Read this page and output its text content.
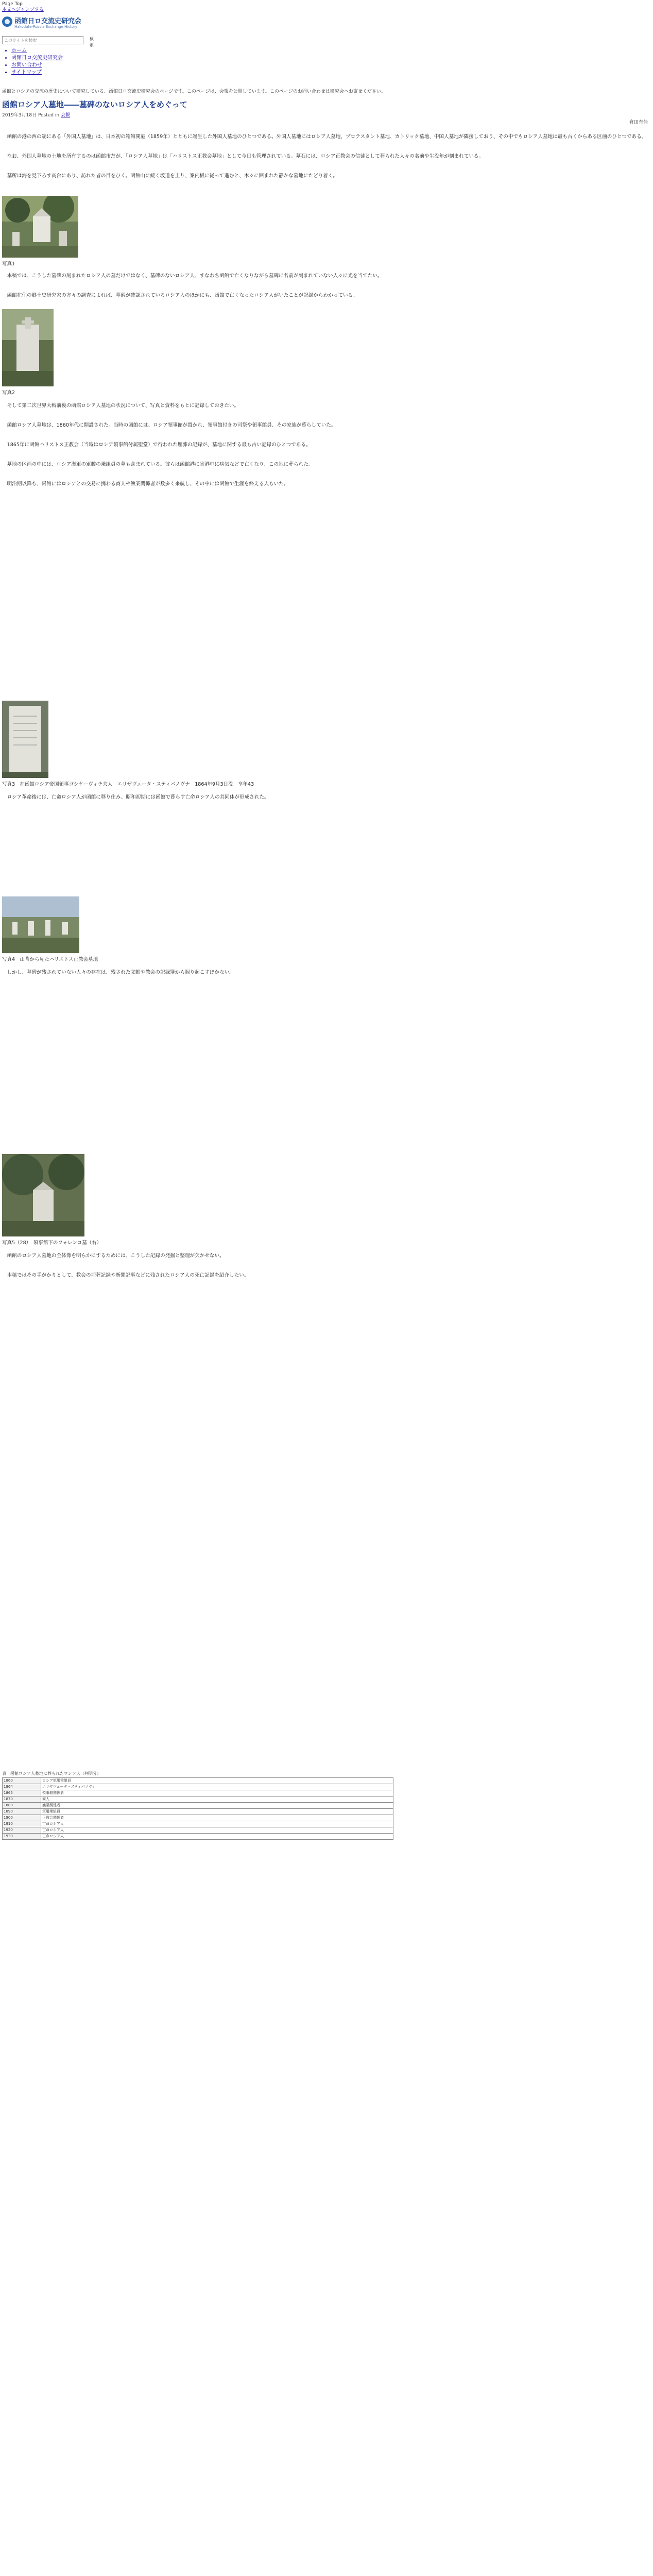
Page Top
本文へジャンプする
函館日ロ交流史研究会
Hakodate-Russia Exchange History
このサイトを検索
検索
• ホーム
• 函館日ロ交流史研究会
• お問い合わせ
• サイトマップ
函館とロシアの交流の歴史について研究している、函館日ロ交流史研究会のページです。このページは、会報を公開しています。このページのお問い合わせは研究会へお寄せください。
函館ロシア人墓地――墓碑のないロシア人をめぐって
2019年3月18日 Posted in 会報
倉田有佳

函館の港の西の端にある「外国人墓地」は、日本初の箱館開港（1859年）とともに誕生した外国人墓地のひとつである。外国人墓地にはロシア人墓地、プロテスタント墓地、カトリック墓地、中国人墓地が隣接しており、その中でもロシア人墓地は最も古くからある区画のひとつである。

なお、外国人墓地の土地を所有するのは函館市だが、「ロシア人墓地」は「ハリストス正教会墓地」として今日も管理されている。墓石には、ロシア正教会の信徒として葬られた人々の名前や生没年が刻まれている。

墓所は海を見下ろす高台にあり、訪れた者の目をひく。函館山に続く坂道を上り、案内板に従って進むと、木々に囲まれた静かな墓地にたどり着く。

写真1

本稿では、こうした墓碑の刻まれたロシア人の墓だけではなく、墓碑のないロシア人、すなわち函館で亡くなりながら墓碑に名前が刻まれていない人々に光を当てたい。

函館在住の郷土史研究家の方々の調査によれば、墓碑が確認されているロシア人のほかにも、函館で亡くなったロシア人がいたことが記録からわかっている。

写真2

そして第二次世界大戦前後の函館ロシア人墓地の状況について、写真と資料をもとに記録しておきたい。

函館ロシア人墓地は、1860年代に開設された。当時の函館には、ロシア領事館が置かれ、領事館付きの司祭や領事館員、その家族が暮らしていた。

1865年に函館ハリストス正教会（当時はロシア領事館付属聖堂）で行われた埋葬の記録が、墓地に関する最も古い記録のひとつである。

墓地の区画の中には、ロシア海軍の軍艦の乗組員の墓も含まれている。彼らは函館港に寄港中に病気などで亡くなり、この地に葬られた。

明治期以降も、函館にはロシアとの交易に携わる商人や漁業関係者が数多く来航し、その中には函館で生涯を終える人もいた。

写真3　在函館ロシア帝国領事ゴシケーヴィチ夫人　エリザヴェータ・スティパノヴナ　1864年9月3日没　享年43

ロシア革命後には、亡命ロシア人が函館に移り住み、昭和初期には函館で暮らす亡命ロシア人の共同体が形成された。

写真4　山背から見たハリストス正教会墓地

しかし、墓碑が残されていない人々の存在は、残された文献や教会の記録簿から掘り起こすほかない。

写真5（28）　領事館下のフォレンコ墓（右）

函館のロシア人墓地の全体像を明らかにするためには、こうした記録の発掘と整理が欠かせない。

本稿ではその手がかりとして、教会の埋葬記録や新聞記事などに残されたロシア人の死亡記録を紹介したい。

表　函館ロシア人墓地に葬られたロシア人（判明分）
1860	ロシア軍艦乗組員
1864	エリザヴェータ・スティパノヴナ
1865	領事館関係者
1870	商人
1880	漁業関係者
1890	軍艦乗組員
1900	正教会関係者
1910	亡命ロシア人
1920	亡命ロシア人
1930	亡命ロシア人
